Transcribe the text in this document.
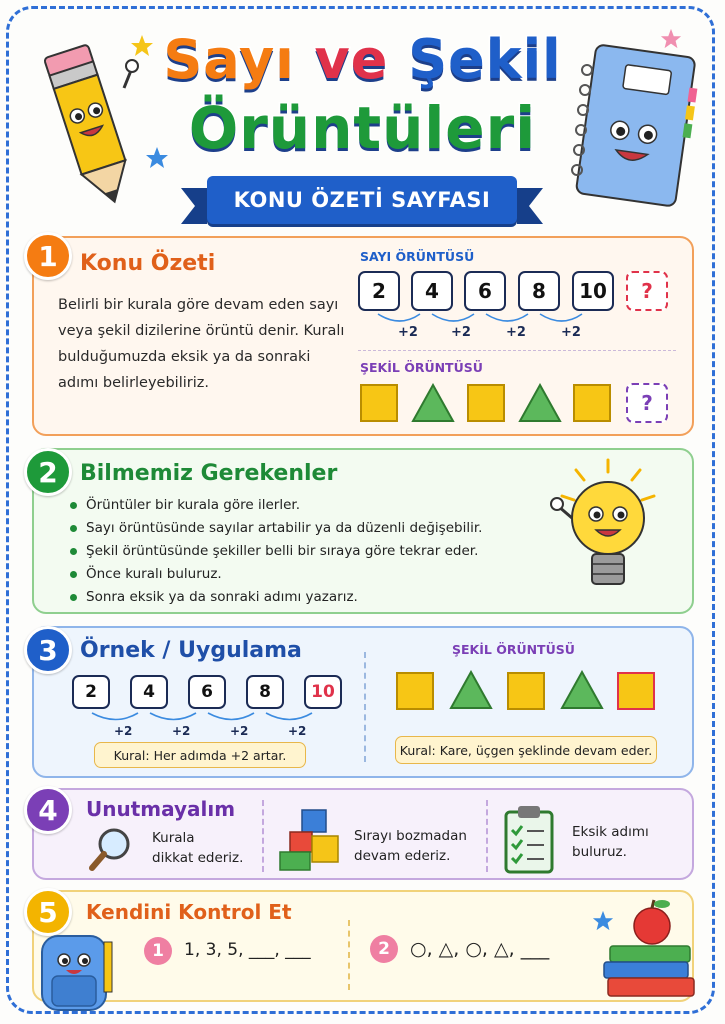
Sayı ve Şekil
Örüntüleri
KONU ÖZETİ SAYFASI
1	Konu Özeti
Belirli bir kurala göre devam eden sayı
veya şekil dizilerine örüntü denir. Kuralı
bulduğumuzda eksik ya da sonraki
adımı belirleyebiliriz.
SAYI ÖRÜNTÜSÜ
2	4	6	8	10	?
+2	+2	+2	+2
ŞEKİL ÖRÜNTÜSÜ
?
2	Bilmemiz Gerekenler
Örüntüler bir kurala göre ilerler.
Sayı örüntüsünde sayılar artabilir ya da düzenli değişebilir.
Şekil örüntüsünde şekiller belli bir sıraya göre tekrar eder.
Önce kuralı buluruz.
Sonra eksik ya da sonraki adımı yazarız.
3	Örnek / Uygulama
2	4	6	8	10
+2	+2	+2	+2
Kural: Her adımda +2 artar.
ŞEKİL ÖRÜNTÜSÜ
Kural: Kare, üçgen şeklinde devam eder.
4	Unutmayalım
Kurala
dikkat ederiz.
Sırayı bozmadan
devam ederiz.
Eksik adımı
buluruz.
5	Kendini Kontrol Et
1	1, 3, 5, ___, ___	2	○, △, ○, △, ___
